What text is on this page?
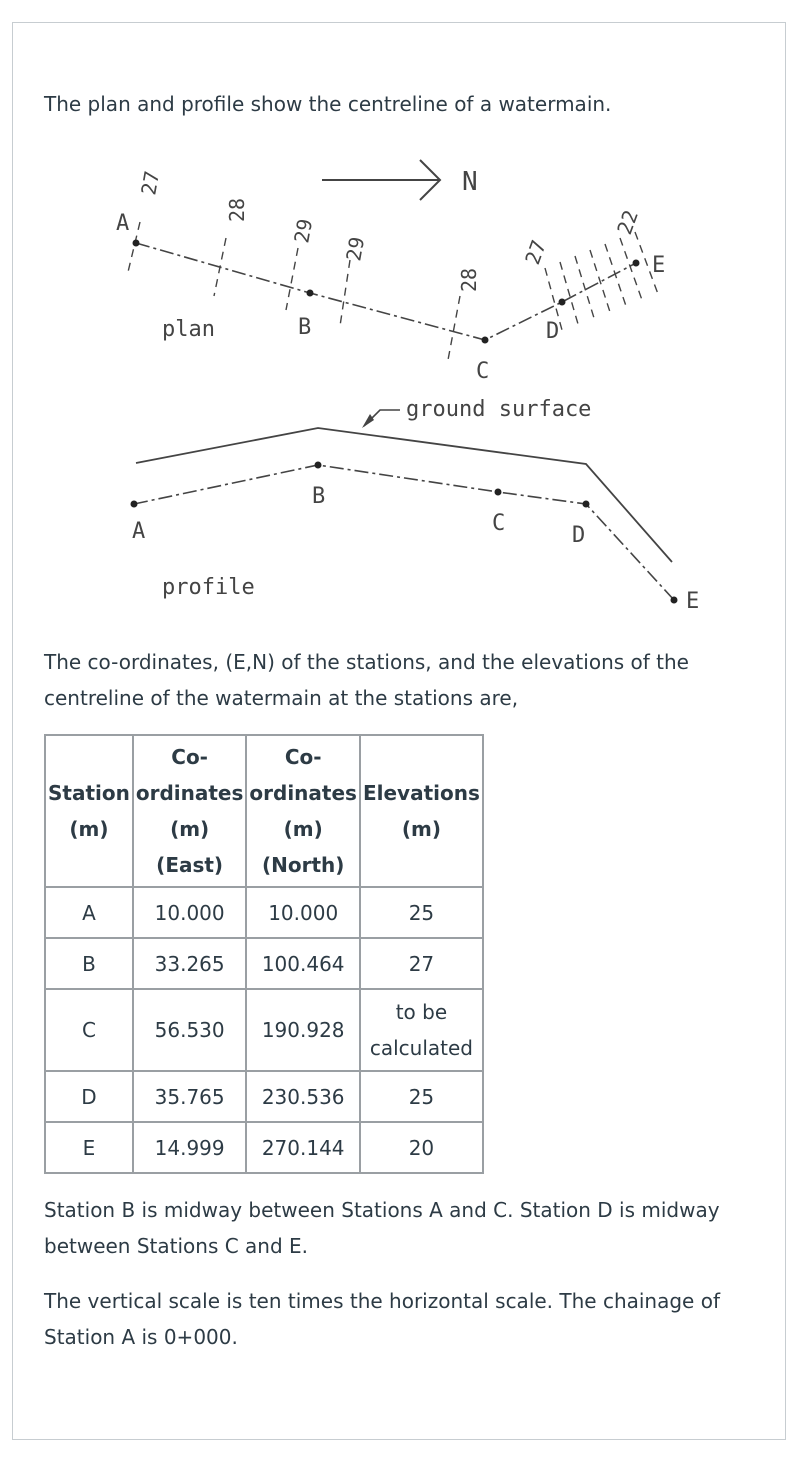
The plan and profile show the centreline of a watermain.

N
A
B
C
D
E
27
28
29
29
28
27
22
plan
ground surface
A
B
C	D
E
profile

The co-ordinates, (E,N) of the stations, and the elevations of the centreline of the watermain at the stations are,

Station (m)	Co-ordinates (m) (East)	Co-ordinates (m) (North)	Elevations (m)
A	10.000	10.000	25
B	33.265	100.464	27
C	56.530	190.928	to be calculated
D	35.765	230.536	25
E	14.999	270.144	20

Station B is midway between Stations A and C. Station D is midway between Stations C and E.

The vertical scale is ten times the horizontal scale. The chainage of Station A is 0+000.
